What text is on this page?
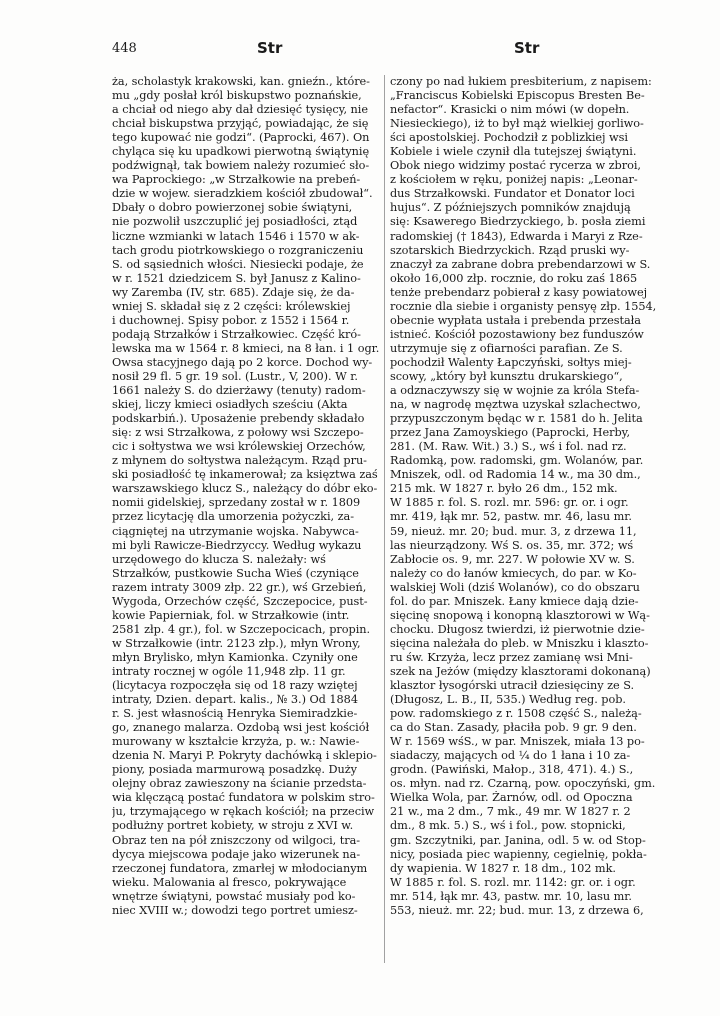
448	Str	Str
ża, scholastyk krakowski, kan. gnieźn., które-
mu „gdy posłał król biskupstwo poznańskie,
a chciał od niego aby dał dziesięć tysięcy, nie
chciał biskupstwa przyjąć, powiadając, że się
tego kupować nie godzi“. (Paprocki, 467). On
chyląca się ku upadkowi pierwotną świątynię
podźwignął, tak bowiem należy rozumieć sło-
wa Paprockiego: „w Strzałkowie na prebeń-
dzie w wojew. sieradzkiem kościół zbudował“.
Dbały o dobro powierzonej sobie świątyni,
nie pozwolił uszczuplić jej posiadłości, ztąd
liczne wzmianki w latach 1546 i 1570 w ak-
tach grodu piotrkowskiego o rozgraniczeniu
S. od sąsiednich włości. Niesiecki podaje, że
w r. 1521 dziedzicem S. był Janusz z Kalino-
wy Zaremba (IV, str. 685). Zdaje się, że da-
wniej S. składał się z 2 części: królewskiej
i duchownej. Spisy pobor. z 1552 i 1564 r.
podają Strzałków i Strzałkowiec. Część kró-
lewska ma w 1564 r. 8 kmieci, na 8 łan. i 1 ogr.
Owsa stacyjnego dają po 2 korce. Dochod wy-
nosił 29 fl. 5 gr. 19 sol. (Lustr., V, 200). W r.
1661 należy S. do dzierżawy (tenuty) radom-
skiej, liczy kmieci osiadłych sześciu (Akta
podskarbiń.). Uposażenie prebendy składało
się: z wsi Strzałkowa, z połowy wsi Szczepo-
cic i sołtystwa we wsi królewskiej Orzechów,
z młynem do sołtystwa należącym. Rząd pru-
ski posiadłość tę inkamerował; za księztwa zaś
warszawskiego klucz S., należący do dóbr eko-
nomii gidelskiej, sprzedany został w r. 1809
przez licytację dla umorzenia pożyczki, za-
ciągniętej na utrzymanie wojska. Nabywca-
mi byli Rawicze-Biedrzyccy. Według wykazu
urzędowego do klucza S. należały: wś
Strzałków, pustkowie Sucha Wieś (czyniące
razem intraty 3009 złp. 22 gr.), wś Grzebień,
Wygoda, Orzechów część, Szczepocice, pust-
kowie Papierniak, fol. w Strzałkowie (intr.
2581 złp. 4 gr.), fol. w Szczepocicach, propin.
w Strzałkowie (intr. 2123 złp.), młyn Wrony,
młyn Brylisko, młyn Kamionka. Czyniły one
intraty rocznej w ogóle 11,948 złp. 11 gr.
(licytacya rozpoczęła się od 18 razy wziętej
intraty, Dzien. depart. kalis., № 3.) Od 1884
r. S. jest własnością Henryka Siemiradzkie-
go, znanego malarza. Ozdobą wsi jest kościół
murowany w kształcie krzyża, p. w.: Nawie-
dzenia N. Maryi P. Pokryty dachówką i sklepio-
piony, posiada marmurową posadzkę. Duży
olejny obraz zawieszony na ścianie przedsta-
wia klęczącą postać fundatora w polskim stro-
ju, trzymającego w rękach kościół; na przeciw
podłużny portret kobiety, w stroju z XVI w.
Obraz ten na pół zniszczony od wilgoci, tra-
dycya miejscowa podaje jako wizerunek na-
rzeczonej fundatora, zmarłej w młodocianym
wieku. Malowania al fresco, pokrywające
wnętrze świątyni, powstać musiały pod ko-
niec XVIII w.; dowodzi tego portret umiesz-
czony po nad łukiem presbiterium, z napisem:
„Franciscus Kobielski Episcopus Bresten Be-
nefactor“. Krasicki o nim mówi (w dopełn.
Niesieckiego), iż to był mąż wielkiej gorliwo-
ści apostolskiej. Pochodził z poblizkiej wsi
Kobiele i wiele czynił dla tutejszej świątyni.
Obok niego widzimy postać rycerza w zbroi,
z kościołem w ręku, poniżej napis: „Leonar-
dus Strzałkowski. Fundator et Donator loci
hujus“. Z późniejszych pomników znajdują
się: Ksawerego Biedrzyckiego, b. posła ziemi
radomskiej († 1843), Edwarda i Maryi z Rze-
szotarskich Biedrzyckich. Rząd pruski wy-
znaczył za zabrane dobra prebendarzowi w S.
około 16,000 złp. rocznie, do roku zaś 1865
tenże prebendarz pobierał z kasy powiatowej
rocznie dla siebie i organisty pensyę złp. 1554,
obecnie wypłata ustała i prebenda przestała
istnieć. Kościół pozostawiony bez funduszów
utrzymuje się z ofiarności parafian. Ze S.
pochodził Walenty Łapczyński, sołtys miej-
scowy, „który był kunsztu drukarskiego“,
a odznaczywszy się w wojnie za króla Stefa-
na, w nagrodę męztwa uzyskał szlachectwo,
przypuszczonym będąc w r. 1581 do h. Jelita
przez Jana Zamoyskiego (Paprocki, Herby,
281. (M. Raw. Wit.) 3.) S., wś i fol. nad rz.
Radomką, pow. radomski, gm. Wolanów, par.
Mniszek, odl. od Radomia 14 w., ma 30 dm.,
215 mk. W 1827 r. było 26 dm., 152 mk.
W 1885 r. fol. S. rozl. mr. 596: gr. or. i ogr.
mr. 419, łąk mr. 52, pastw. mr. 46, lasu mr.
59, nieuż. mr. 20; bud. mur. 3, z drzewa 11,
las nieurządzony. Wś S. os. 35, mr. 372; wś
Zabłocie os. 9, mr. 227. W połowie XV w. S.
należy co do łanów kmiecych, do par. w Ko-
walskiej Woli (dziś Wolanów), co do obszaru
fol. do par. Mniszek. Łany kmiece dają dzie-
sięcinę snopową i konopną klasztorowi w Wą-
chocku. Długosz twierdzi, iż pierwotnie dzie-
sięcina należała do pleb. w Mniszku i klaszto-
ru św. Krzyża, lecz przez zamianę wsi Mni-
szek na Jeżów (między klasztorami dokonaną)
klasztor łysogórski utracił dziesięciny ze S.
(Długosz, L. B., II, 535.) Według reg. pob.
pow. radomskiego z r. 1508 część S., należą-
ca do Stan. Zasady, płaciła pob. 9 gr. 9 den.
W r. 1569 wśS., w par. Mniszek, miała 13 po-
siadaczy, mających od ¼ do 1 łana i 10 za-
grodn. (Pawiński, Małop., 318, 471). 4.) S.,
os. młyn. nad rz. Czarną, pow. opoczyński, gm.
Wielka Wola, par. Żarnów, odl. od Opoczna
21 w., ma 2 dm., 7 mk., 49 mr. W 1827 r. 2
dm., 8 mk. 5.) S., wś i fol., pow. stopnicki,
gm. Szczytniki, par. Janina, odl. 5 w. od Stop-
nicy, posiada piec wapienny, cegielnię, pokła-
dy wapienia. W 1827 r. 18 dm., 102 mk.
W 1885 r. fol. S. rozl. mr. 1142: gr. or. i ogr.
mr. 514, łąk mr. 43, pastw. mr. 10, lasu mr.
553, nieuż. mr. 22; bud. mur. 13, z drzewa 6,
